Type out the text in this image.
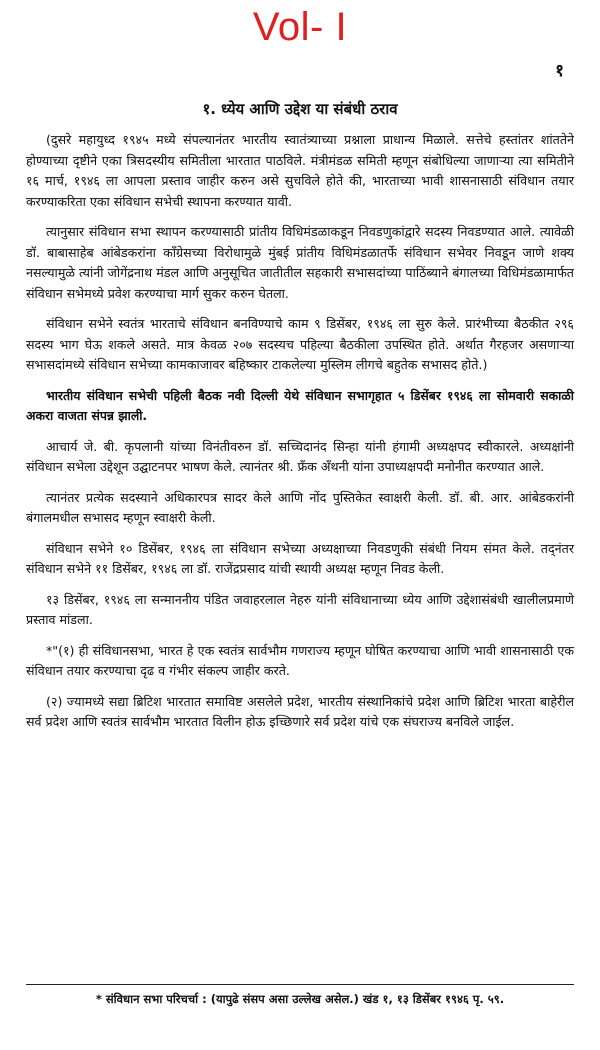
Vol- I
१
१. ध्येय आणि उद्देश या संबंधी ठराव

(दुसरे महायुध्द १९४५ मध्ये संपल्यानंतर भारतीय स्वातंत्र्याच्या प्रश्नाला प्राधान्य मिळाले. सत्तेचे हस्तांतर शांततेने होण्याच्या दृष्टीने एका त्रिसदस्यीय समितीला भारतात पाठविले. मंत्रीमंडळ समिती म्हणून संबोधिल्या जाणाऱ्या त्या समितीने १६ मार्च, १९४६ ला आपला प्रस्ताव जाहीर करुन असे सुचविले होते की, भारताच्या भावी शासनासाठी संविधान तयार करण्याकरिता एका संविधान सभेची स्थापना करण्यात यावी.

त्यानुसार संविधान सभा स्थापन करण्यासाठी प्रांतीय विधिमंडळाकडून निवडणुकांद्वारे सदस्य निवडण्यात आले. त्यावेळी डॉ. बाबासाहेब आंबेडकरांना कॉंग्रेसच्या विरोधामुळे मुंबई प्रांतीय विधिमंडळातर्फे संविधान सभेवर निवडून जाणे शक्य नसल्यामुळे त्यांनी जोगेंद्रनाथ मंडल आणि अनुसूचित जातीतील सहकारी सभासदांच्या पाठिंब्याने बंगालच्या विधिमंडळामार्फत संविधान सभेमध्ये प्रवेश करण्याचा मार्ग सुकर करुन घेतला.

संविधान सभेने स्वतंत्र भारताचे संविधान बनविण्याचे काम ९ डिसेंबर, १९४६ ला सुरु केले. प्रारंभीच्या बैठकीत २९६ सदस्य भाग घेऊ शकले असते. मात्र केवळ २०७ सदस्यच पहिल्या बैठकीला उपस्थित होते. अर्थात गैरहजर असणाऱ्या सभासदांमध्ये संविधान सभेच्या कामकाजावर बहिष्कार टाकलेल्या मुस्लिम लीगचे बहुतेक सभासद होते.)

भारतीय संविधान सभेची पहिली बैठक नवी दिल्ली येथे संविधान सभागृहात ५ डिसेंबर १९४६ ला सोमवारी सकाळी अकरा वाजता संपन्न झाली.

आचार्य जे. बी. कृपलानी यांच्या विनंतीवरुन डॉ. सच्चिदानंद सिन्हा यांनी हंगामी अध्यक्षपद स्वीकारले. अध्यक्षांनी संविधान सभेला उद्देशून उद्घाटनपर भाषण केले. त्यानंतर श्री. फ्रँक अँथनी यांना उपाध्यक्षपदी मनोनीत करण्यात आले.

त्यानंतर प्रत्येक सदस्याने अधिकारपत्र सादर केले आणि नोंद पुस्तिकेत स्वाक्षरी केली. डॉ. बी. आर. आंबेडकरांनी बंगालमधील सभासद म्हणून स्वाक्षरी केली.

संविधान सभेने १० डिसेंबर, १९४६ ला संविधान सभेच्या अध्यक्षाच्या निवडणुकी संबंधी नियम संमत केले. तद्नंतर संविधान सभेने ११ डिसेंबर, १९४६ ला डॉ. राजेंद्रप्रसाद यांची स्थायी अध्यक्ष म्हणून निवड केली.

१३ डिसेंबर, १९४६ ला सन्माननीय पंडित जवाहरलाल नेहरु यांनी संविधानाच्या ध्येय आणि उद्देशासंबंधी खालीलप्रमाणे प्रस्ताव मांडला.

*"(१) ही संविधानसभा, भारत हे एक स्वतंत्र सार्वभौम गणराज्य म्हणून घोषित करण्याचा आणि भावी शासनासाठी एक संविधान तयार करण्याचा दृढ व गंभीर संकल्प जाहीर करते.

(२) ज्यामध्ये सद्या ब्रिटिश भारतात समाविष्ट असलेले प्रदेश, भारतीय संस्थानिकांचे प्रदेश आणि ब्रिटिश भारता बाहेरील सर्व प्रदेश आणि स्वतंत्र सार्वभौम भारतात विलीन होऊ इच्छिणारे सर्व प्रदेश यांचे एक संघराज्य बनविले जाईल.

* संविधान सभा परिचर्चा : (यापुढे संसप असा उल्लेख असेल.) खंड १, १३ डिसेंबर १९४६ पृ. ५९.
